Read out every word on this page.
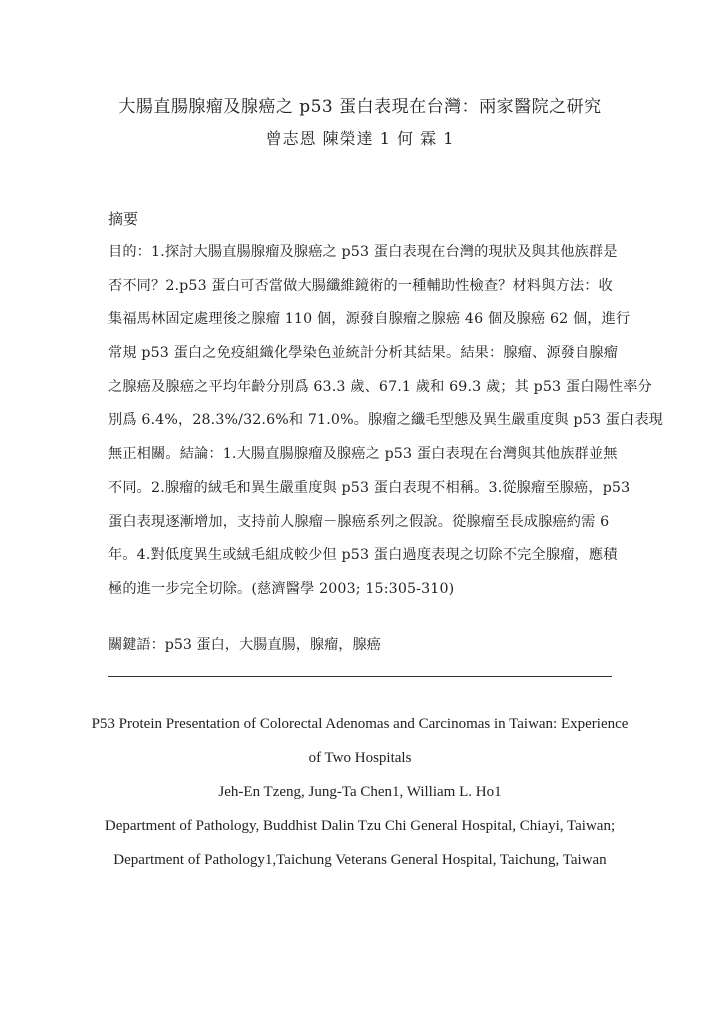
大腸直腸腺瘤及腺癌之 p53 蛋白表現在台灣：兩家醫院之研究
曾志恩 陳榮達 1 何 霖 1
摘要
目的：1.探討大腸直腸腺瘤及腺癌之 p53 蛋白表現在台灣的現狀及與其他族群是
否不同？2.p53 蛋白可否當做大腸纖維鏡術的一種輔助性檢查？材料與方法：收
集福馬林固定處理後之腺瘤 110 個，源發自腺瘤之腺癌 46 個及腺癌 62 個，進行
常規 p53 蛋白之免疫組織化學染色並統計分析其結果。結果：腺瘤、源發自腺瘤
之腺癌及腺癌之平均年齡分別爲 63.3 歲、67.1 歲和 69.3 歲；其 p53 蛋白陽性率分
別爲 6.4%，28.3%/32.6%和 71.0%。腺瘤之纖毛型態及異生嚴重度與 p53 蛋白表現
無正相關。結論：1.大腸直腸腺瘤及腺癌之 p53 蛋白表現在台灣與其他族群並無
不同。2.腺瘤的絨毛和異生嚴重度與 p53 蛋白表現不相稱。3.從腺瘤至腺癌，p53
蛋白表現逐漸增加，支持前人腺瘤－腺癌系列之假說。從腺瘤至長成腺癌約需 6
年。4.對低度異生或絨毛組成較少但 p53 蛋白過度表現之切除不完全腺瘤，應積
極的進一步完全切除。(慈濟醫學 2003; 15:305-310)
關鍵語：p53 蛋白，大腸直腸，腺瘤，腺癌
P53 Protein Presentation of Colorectal Adenomas and Carcinomas in Taiwan: Experience
of Two Hospitals
Jeh-En Tzeng, Jung-Ta Chen1, William L. Ho1
Department of Pathology, Buddhist Dalin Tzu Chi General Hospital, Chiayi, Taiwan;
Department of Pathology1,Taichung Veterans General Hospital, Taichung, Taiwan
